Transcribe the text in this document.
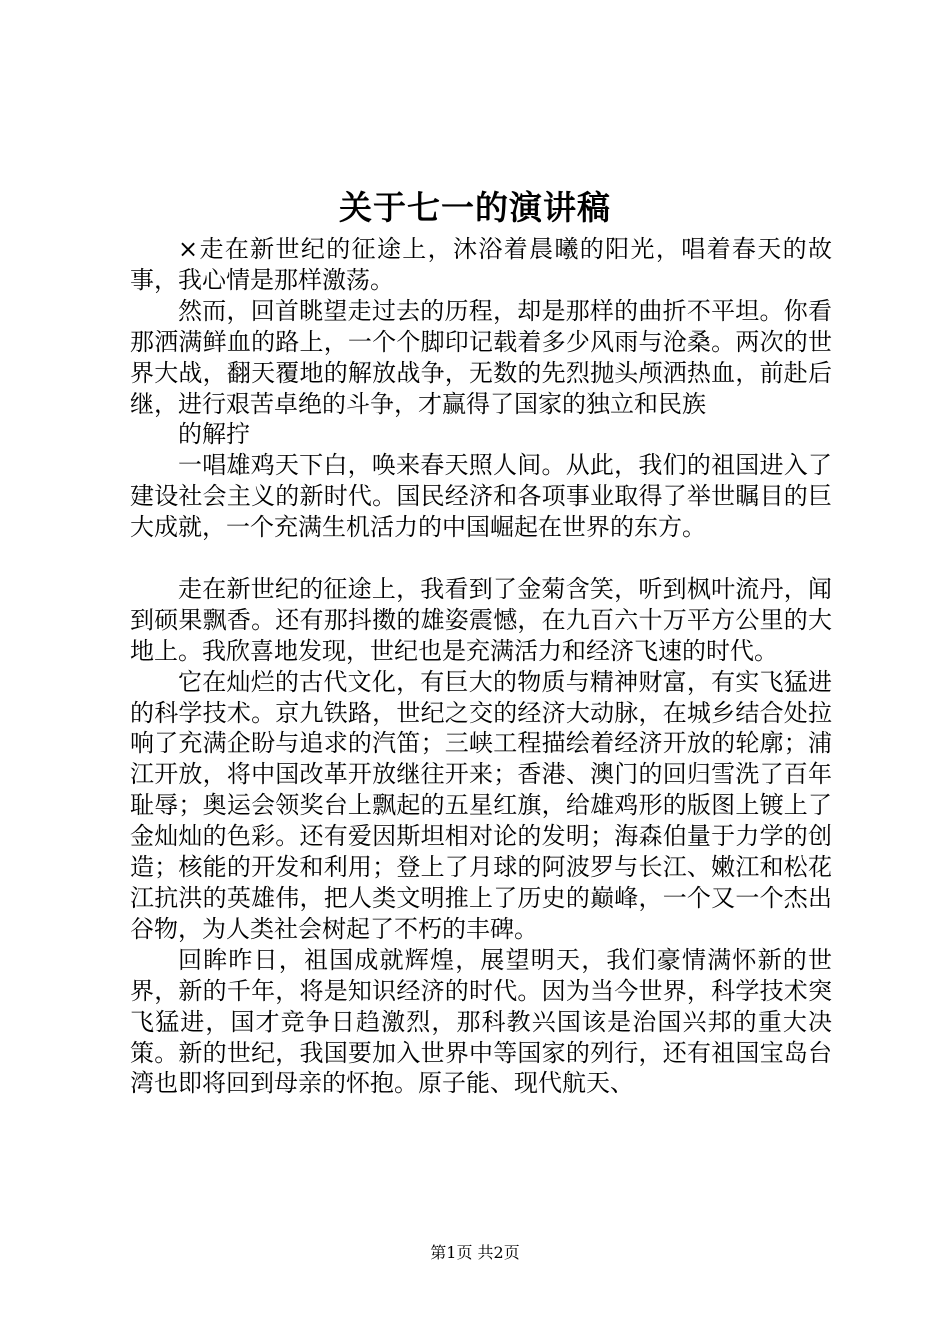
关于七一的演讲稿

×走在新世纪的征途上，沐浴着晨曦的阳光，唱着春天的故事，我心情是那样激荡。

然而，回首眺望走过去的历程，却是那样的曲折不平坦。你看那洒满鲜血的路上，一个个脚印记载着多少风雨与沧桑。两次的世界大战，翻天覆地的解放战争，无数的先烈抛头颅洒热血，前赴后继，进行艰苦卓绝的斗争，才赢得了国家的独立和民族

的解拧

一唱雄鸡天下白，唤来春天照人间。从此，我们的祖国进入了建设社会主义的新时代。国民经济和各项事业取得了举世瞩目的巨大成就，一个充满生机活力的中国崛起在世界的东方。

走在新世纪的征途上，我看到了金菊含笑，听到枫叶流丹，闻到硕果飘香。还有那抖擞的雄姿震憾，在九百六十万平方公里的大地上。我欣喜地发现，世纪也是充满活力和经济飞速的时代。

它在灿烂的古代文化，有巨大的物质与精神财富，有实飞猛进的科学技术。京九铁路，世纪之交的经济大动脉，在城乡结合处拉响了充满企盼与追求的汽笛；三峡工程描绘着经济开放的轮廓；浦江开放，将中国改革开放继往开来；香港、澳门的回归雪洗了百年耻辱；奥运会领奖台上飘起的五星红旗，给雄鸡形的版图上镀上了金灿灿的色彩。还有爱因斯坦相对论的发明；海森伯量于力学的创造；核能的开发和利用；登上了月球的阿波罗与长江、嫩江和松花江抗洪的英雄伟，把人类文明推上了历史的巅峰，一个又一个杰出谷物，为人类社会树起了不朽的丰碑。

回眸昨日，祖国成就辉煌，展望明天，我们豪情满怀新的世界，新的千年，将是知识经济的时代。因为当今世界，科学技术突飞猛进，国才竞争日趋激烈，那科教兴国该是治国兴邦的重大决策。新的世纪，我国要加入世界中等国家的列行，还有祖国宝岛台湾也即将回到母亲的怀抱。原子能、现代航天、

第1页 共2页
